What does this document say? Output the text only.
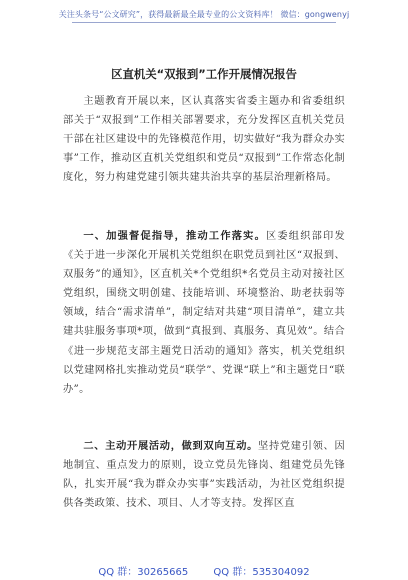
关注头条号“公文研究”，获得最新最全最专业的公文资料库！ 微信：gongwenyj
区直机关“双报到”工作开展情况报告

主题教育开展以来，区认真落实省委主题办和省委组织部关于“双报到”工作相关部署要求，充分发挥区直机关党员干部在社区建设中的先锋模范作用，切实做好“我为群众办实事”工作，推动区直机关党组织和党员“双报到”工作常态化制度化，努力构建党建引领共建共治共享的基层治理新格局。

一、加强督促指导，推动工作落实。区委组织部印发《关于进一步深化开展机关党组织在职党员到社区“双报到、双服务”的通知》，区直机关*个党组织*名党员主动对接社区党组织，围绕文明创建、技能培训、环境整治、助老扶弱等领域，结合“需求清单”，制定结对共建“项目清单”，建立共建共驻服务事项*项，做到“真报到、真服务、真见效”。结合《进一步规范支部主题党日活动的通知》落实，机关党组织以党建网格扎实推动党员“联学”、党课“联上”和主题党日“联办”。

二、主动开展活动，做到双向互动。坚持党建引领、因地制宜、重点发力的原则，设立党员先锋岗、组建党员先锋队，扎实开展“我为群众办实事”实践活动，为社区党组织提供各类政策、技术、项目、人才等支持。发挥区直

QQ 群：30265665	QQ 群：535304092
